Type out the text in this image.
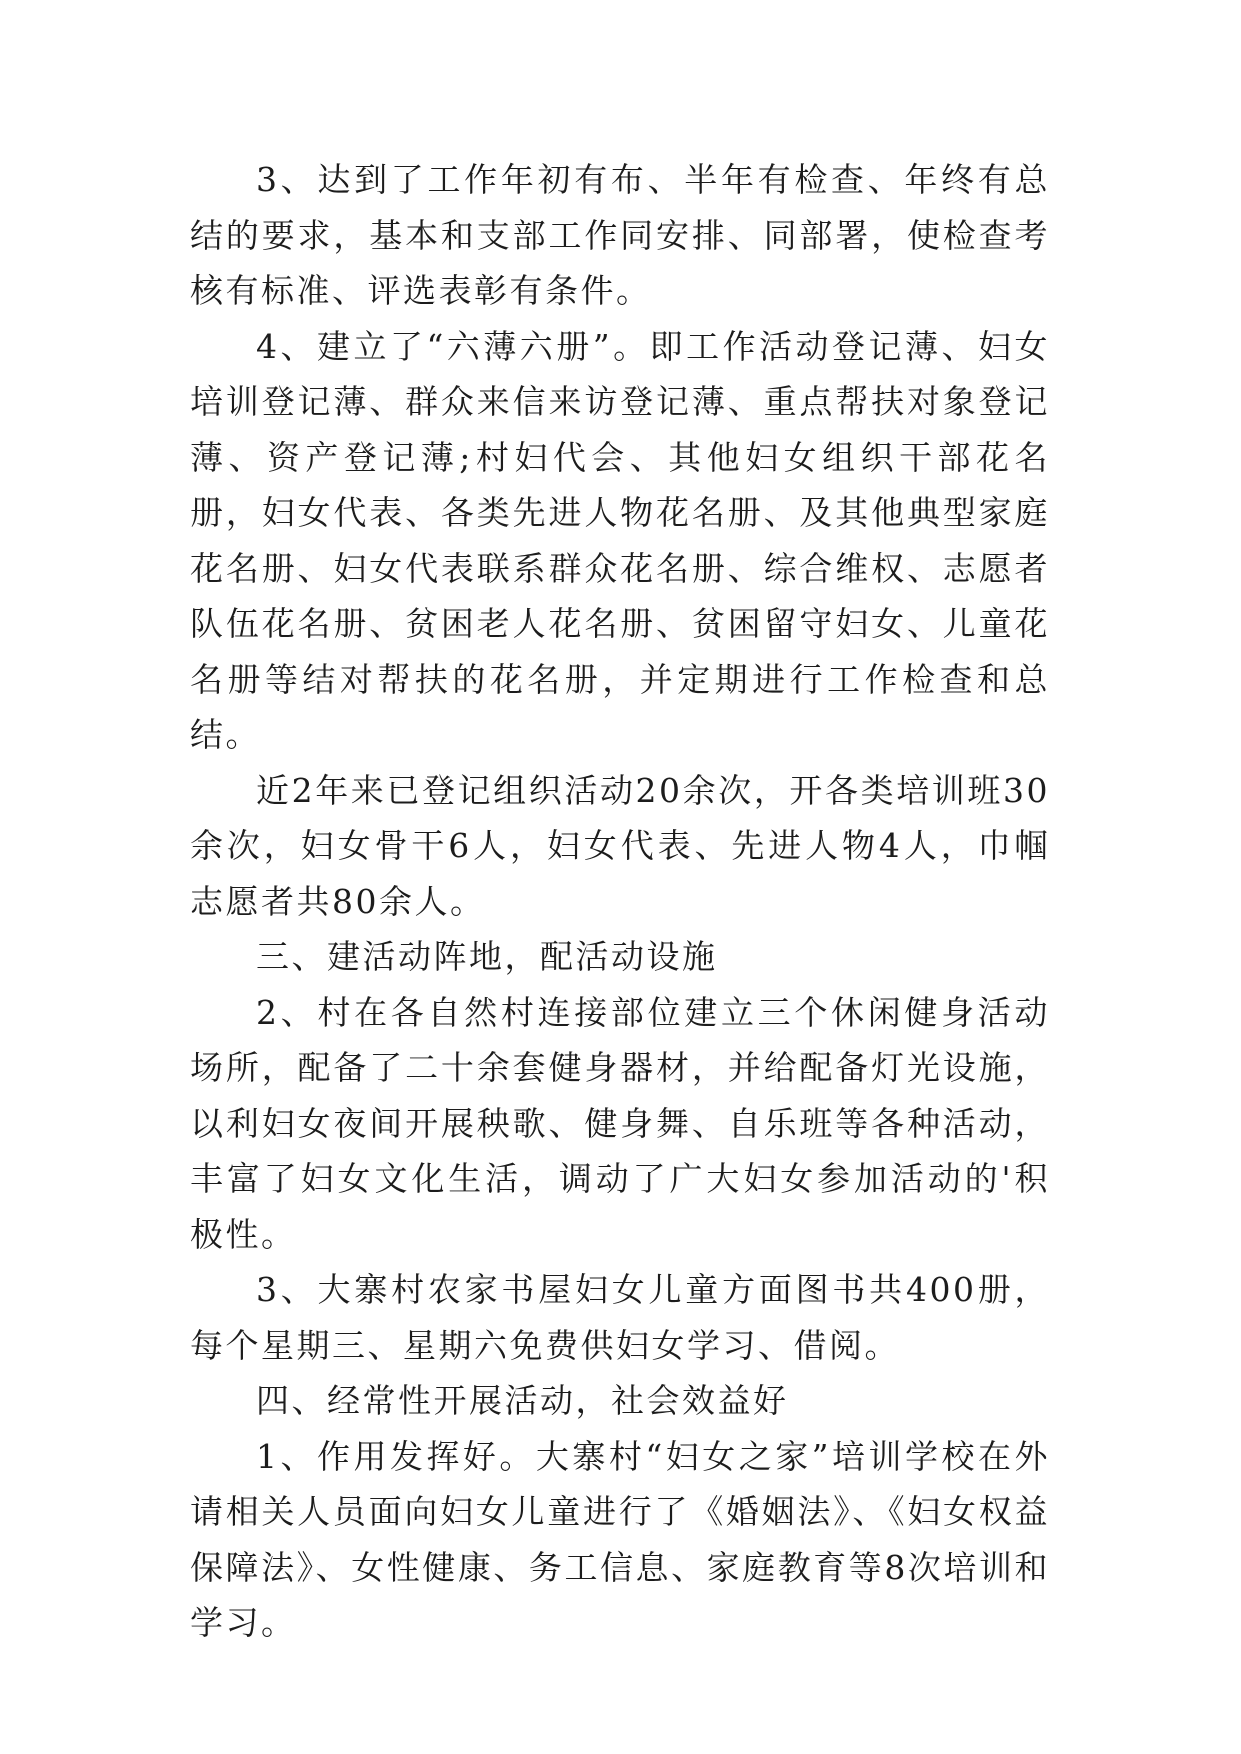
3、达到了工作年初有布、半年有检查、年终有总结的要求，基本和支部工作同安排、同部署，使检查考核有标准、评选表彰有条件。

4、建立了“六薄六册”。即工作活动登记薄、妇女培训登记薄、群众来信来访登记薄、重点帮扶对象登记薄、资产登记薄;村妇代会、其他妇女组织干部花名册，妇女代表、各类先进人物花名册、及其他典型家庭花名册、妇女代表联系群众花名册、综合维权、志愿者队伍花名册、贫困老人花名册、贫困留守妇女、儿童花名册等结对帮扶的花名册，并定期进行工作检查和总结。

近2年来已登记组织活动20余次，开各类培训班30余次，妇女骨干6人，妇女代表、先进人物4人，巾帼志愿者共80余人。

三、建活动阵地，配活动设施

2、村在各自然村连接部位建立三个休闲健身活动场所，配备了二十余套健身器材，并给配备灯光设施，以利妇女夜间开展秧歌、健身舞、自乐班等各种活动，丰富了妇女文化生活，调动了广大妇女参加活动的'积极性。

3、大寨村农家书屋妇女儿童方面图书共400册，每个星期三、星期六免费供妇女学习、借阅。

四、经常性开展活动，社会效益好

1、作用发挥好。大寨村“妇女之家”培训学校在外请相关人员面向妇女儿童进行了《婚姻法》、《妇女权益保障法》、女性健康、务工信息、家庭教育等8次培训和学习。
